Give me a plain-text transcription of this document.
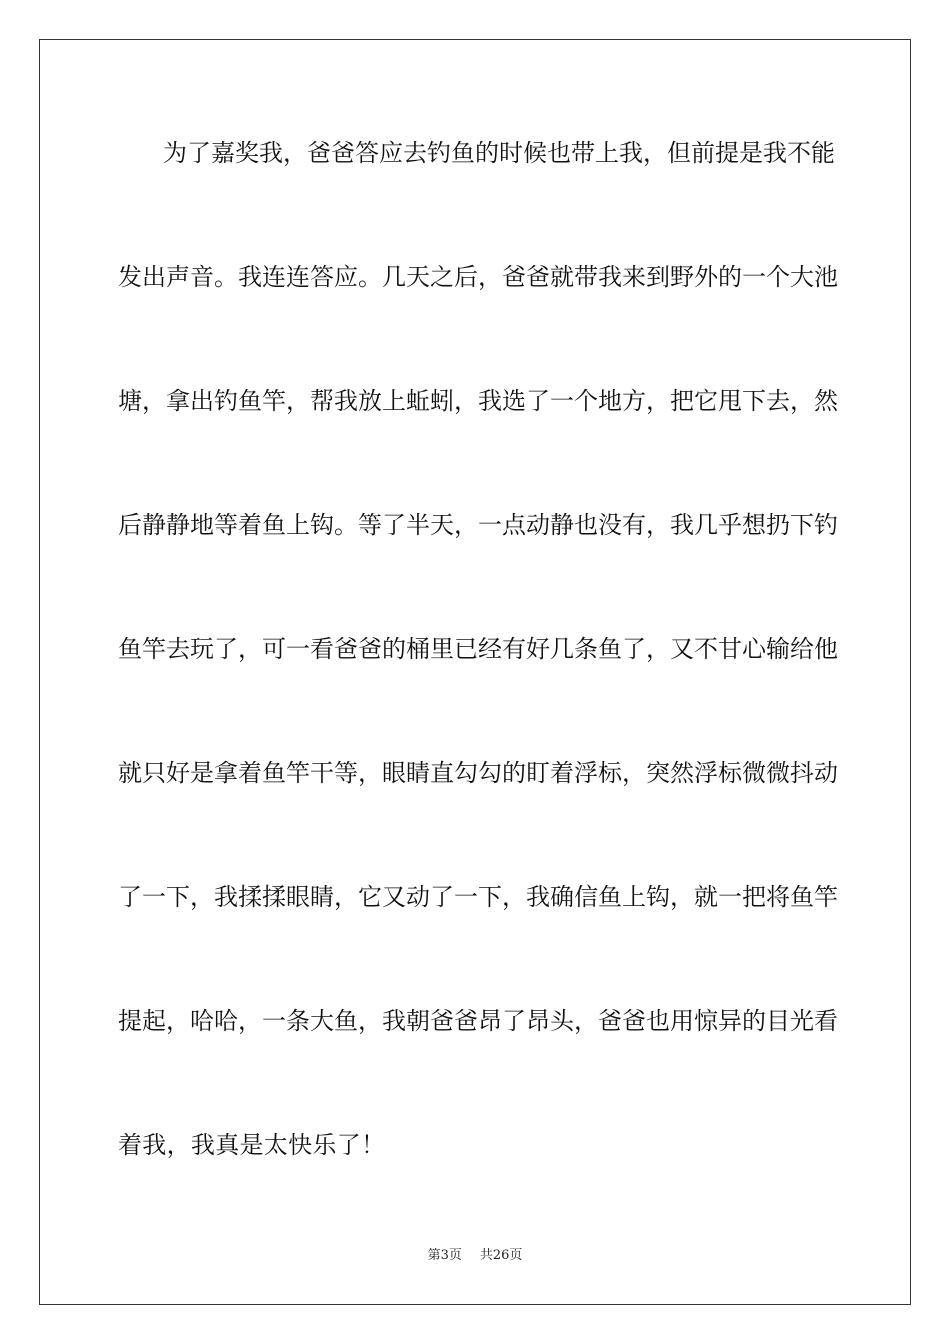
为了嘉奖我，爸爸答应去钓鱼的时候也带上我，但前提是我不能
发出声音。我连连答应。几天之后，爸爸就带我来到野外的一个大池
塘，拿出钓鱼竿，帮我放上蚯蚓，我选了一个地方，把它甩下去，然
后静静地等着鱼上钩。等了半天，一点动静也没有，我几乎想扔下钓
鱼竿去玩了，可一看爸爸的桶里已经有好几条鱼了，又不甘心输给他
就只好是拿着鱼竿干等，眼睛直勾勾的盯着浮标，突然浮标微微抖动
了一下，我揉揉眼睛，它又动了一下，我确信鱼上钩，就一把将鱼竿
提起，哈哈，一条大鱼，我朝爸爸昂了昂头，爸爸也用惊异的目光看
着我，我真是太快乐了！
第3页 共26页
